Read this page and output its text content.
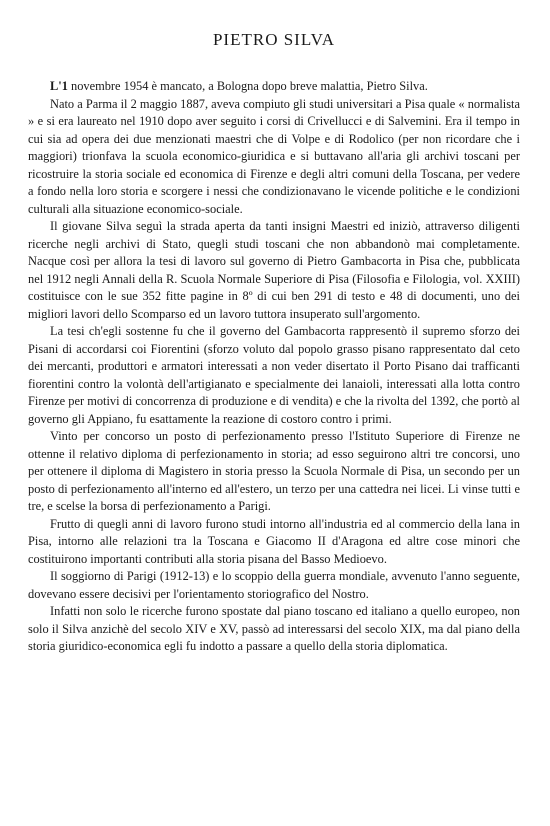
PIETRO SILVA

L'1 novembre 1954 è mancato, a Bologna dopo breve malattia, Pietro Silva.

Nato a Parma il 2 maggio 1887, aveva compiuto gli studi universitari a Pisa quale « normalista » e si era laureato nel 1910 dopo aver seguito i corsi di Crivellucci e di Salvemini. Era il tempo in cui sia ad opera dei due menzionati maestri che di Volpe e di Rodolico (per non ricordare che i maggiori) trionfava la scuola economico-giuridica e si buttavano all'aria gli archivi toscani per ricostruire la storia sociale ed economica di Firenze e degli altri comuni della Toscana, per vedere a fondo nella loro storia e scorgere i nessi che condizionavano le vicende politiche e le condizioni culturali alla situazione economico-sociale.

Il giovane Silva seguì la strada aperta da tanti insigni Maestri ed iniziò, attraverso diligenti ricerche negli archivi di Stato, quegli studi toscani che non abbandonò mai completamente. Nacque così per allora la tesi di lavoro sul governo di Pietro Gambacorta in Pisa che, pubblicata nel 1912 negli Annali della R. Scuola Normale Superiore di Pisa (Filosofia e Filologia, vol. XXIII) costituisce con le sue 352 fitte pagine in 8º di cui ben 291 di testo e 48 di documenti, uno dei migliori lavori dello Scomparso ed un lavoro tuttora insuperato sull'argomento.

La tesi ch'egli sostenne fu che il governo del Gambacorta rappresentò il supremo sforzo dei Pisani di accordarsi coi Fiorentini (sforzo voluto dal popolo grasso pisano rappresentato dal ceto dei mercanti, produttori e armatori interessati a non veder disertato il Porto Pisano dai trafficanti fiorentini contro la volontà dell'artigianato e specialmente dei lanaioli, interessati alla lotta contro Firenze per motivi di concorrenza di produzione e di vendita) e che la rivolta del 1392, che portò al governo gli Appiano, fu esattamente la reazione di costoro contro i primi.

Vinto per concorso un posto di perfezionamento presso l'Istituto Superiore di Firenze ne ottenne il relativo diploma di perfezionamento in storia; ad esso seguirono altri tre concorsi, uno per ottenere il diploma di Magistero in storia presso la Scuola Normale di Pisa, un secondo per un posto di perfezionamento all'interno ed all'estero, un terzo per una cattedra nei licei. Li vinse tutti e tre, e scelse la borsa di perfezionamento a Parigi.

Frutto di quegli anni di lavoro furono studi intorno all'industria ed al commercio della lana in Pisa, intorno alle relazioni tra la Toscana e Giacomo II d'Aragona ed altre cose minori che costituirono importanti contributi alla storia pisana del Basso Medioevo.

Il soggiorno di Parigi (1912-13) e lo scoppio della guerra mondiale, avvenuto l'anno seguente, dovevano essere decisivi per l'orientamento storiografico del Nostro.

Infatti non solo le ricerche furono spostate dal piano toscano ed italiano a quello europeo, non solo il Silva anzichè del secolo XIV e XV, passò ad interessarsi del secolo XIX, ma dal piano della storia giuridico-economica egli fu indotto a passare a quello della storia diplomatica.
